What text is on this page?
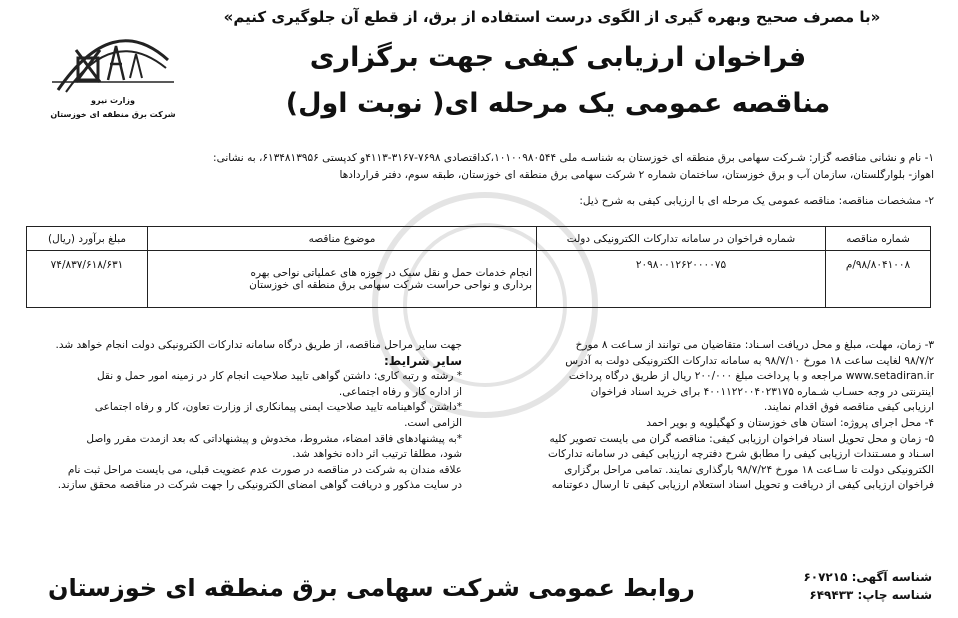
«با مصرف صحیح وبهره گیری از الگوی درست استفاده از برق، از قطع آن جلوگیری کنیم»
فراخوان ارزیابی کیفی جهت برگزاری
مناقصه عمومی یک مرحله ای( نوبت اول)
وزارت نیرو
شرکت برق منطقه ای خوزستان
۱- نام و نشانی مناقصه گزار: شـرکت سهامی برق منطقه ای خوزستان به شناسـه ملی ۱۰۱۰۰۹۸۰۵۴۴،کداقتصادی ۷۶۹۸-۳۱۶۷-۴۱۱۳و کدپستی ۶۱۳۴۸۱۳۹۵۶، به نشانی:
اهواز- بلوارگلستان، سازمان آب و برق خوزستان، ساختمان شماره ۲ شرکت سهامی برق منطقه ای خوزستان، طبقه سوم، دفتر قراردادها
۲- مشخصات مناقصه: مناقصه عمومی یک مرحله ای با ارزیابی کیفی به شرح ذیل:
شماره مناقصه	شماره فراخوان در سامانه تدارکات الکترونیکی دولت	موضوع مناقصه	مبلغ برآورد (ریال)
۹۸/۸۰۴۱۰۰۸/م	۲۰۹۸۰۰۱۲۶۲۰۰۰۰۷۵	انجام خدمات حمل و نقل سبک در حوزه های عملیاتی نواحی بهره
برداری و نواحی حراست شرکت سهامی برق منطقه ای خوزستان	۷۴/۸۳۷/۶۱۸/۶۳۱

۳- زمان، مهلت، مبلغ و محل دریافت اسـناد: متقاضیان می توانند از سـاعت ۸ مورخ

۹۸/۷/۲ لغایت ساعت ۱۸ مورخ ۹۸/۷/۱۰ به سامانه تدارکات الکترونیکی دولت به آدرس

www.setadiran.ir مراجعه و با پرداخت مبلغ ۲۰۰/۰۰۰ ریال از طریق درگاه پرداخت

اینترنتی در وجه حسـاب شـماره ۴۰۰۱۱۲۲۰۰۴۰۲۳۱۷۵ برای خرید اسناد فراخوان

ارزیابی کیفی مناقصه فوق اقدام نمایند.

۴- محل اجرای پروژه: استان های خوزستان و کهگیلویه و بویر احمد

۵- زمان و محل تحویل اسناد فراخوان ارزیابی کیفی: مناقصه گران می بایست تصویر کلیه

اسـناد و مسـتندات ارزیابی کیفی را مطابق شرح دفترچه ارزیابی کیفی در سامانه تدارکات

الکترونیکی دولت تا سـاعت ۱۸ مورخ ۹۸/۷/۲۴ بارگذاری نمایند. تمامی مراحل برگزاری

فراخوان ارزیابی کیفی از دریافت و تحویل اسناد استعلام ارزیابی کیفی تا ارسال دعوتنامه

جهت سایر مراحل مناقصه، از طریق درگاه سامانه تدارکات الکترونیکی دولت انجام خواهد شد.

سایر شرایط:

* رشته و رتبه کاری: داشتن گواهی تایید صلاحیت انجام کار در زمینه امور حمل و نقل

از اداره کار و رفاه اجتماعی.

*داشتن گواهینامه تایید صلاحیت ایمنی پیمانکاری از وزارت تعاون، کار و رفاه اجتماعی

الزامی است.

*به پیشنهادهای فاقد امضاء، مشروط، مخدوش و پیشنهاداتی که بعد ازمدت مقرر واصل

شود، مطلقا ترتیب اثر داده نخواهد شد.

علاقه مندان به شرکت در مناقصه در صورت عدم عضویت قبلی، می بایست مراحل ثبت نام

در سایت مذکور و دریافت گواهی امضای الکترونیکی را جهت شرکت در مناقصه محقق سازند.

روابط عمومی شرکت سهامی برق منطقه ای خوزستان	شناسه آگهی: ۶۰۷۲۱۵
شناسه چاپ: ۶۴۹۴۳۳
